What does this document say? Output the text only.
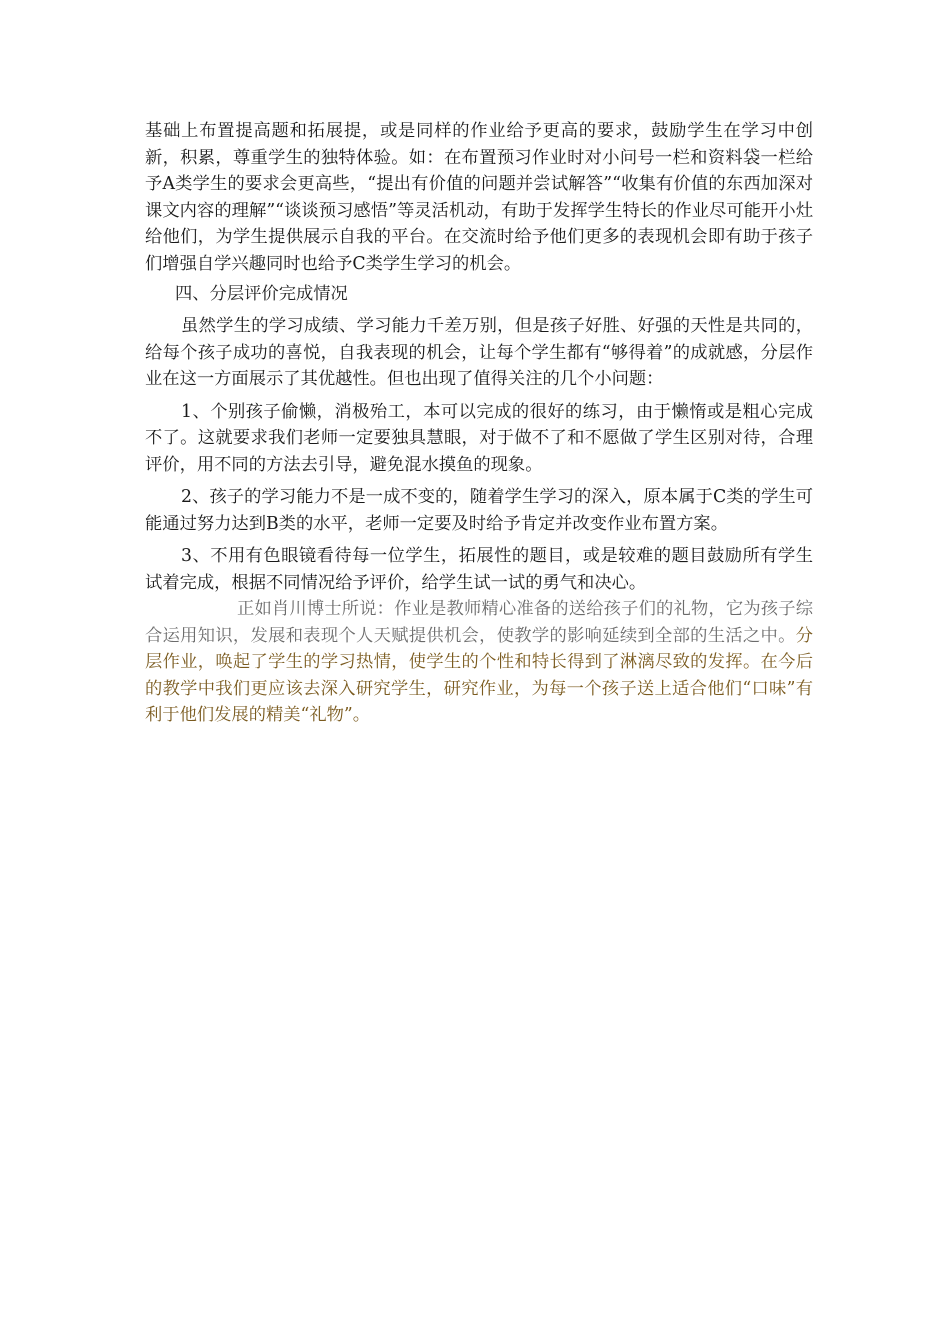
基础上布置提高题和拓展提，或是同样的作业给予更高的要求，鼓励学生在学习中创新，积累，尊重学生的独特体验。如：在布置预习作业时对小问号一栏和资料袋一栏给予A类学生的要求会更高些，“提出有价值的问题并尝试解答”“收集有价值的东西加深对课文内容的理解”“谈谈预习感悟”等灵活机动，有助于发挥学生特长的作业尽可能开小灶给他们，为学生提供展示自我的平台。在交流时给予他们更多的表现机会即有助于孩子们增强自学兴趣同时也给予C类学生学习的机会。

四、分层评价完成情况

虽然学生的学习成绩、学习能力千差万别，但是孩子好胜、好强的天性是共同的，给每个孩子成功的喜悦，自我表现的机会，让每个学生都有“够得着”的成就感，分层作业在这一方面展示了其优越性。但也出现了值得关注的几个小问题：

1、个别孩子偷懒，消极殆工，本可以完成的很好的练习，由于懒惰或是粗心完成不了。这就要求我们老师一定要独具慧眼，对于做不了和不愿做了学生区别对待，合理评价，用不同的方法去引导，避免混水摸鱼的现象。

2、孩子的学习能力不是一成不变的，随着学生学习的深入，原本属于C类的学生可能通过努力达到B类的水平，老师一定要及时给予肯定并改变作业布置方案。

3、不用有色眼镜看待每一位学生，拓展性的题目，或是较难的题目鼓励所有学生试着完成，根据不同情况给予评价，给学生试一试的勇气和决心。

正如肖川博士所说：作业是教师精心准备的送给孩子们的礼物，它为孩子综合运用知识，发展和表现个人天赋提供机会，使教学的影响延续到全部的生活之中。分层作业，唤起了学生的学习热情，使学生的个性和特长得到了淋漓尽致的发挥。在今后的教学中我们更应该去深入研究学生，研究作业，为每一个孩子送上适合他们“口味”有利于他们发展的精美“礼物”。
